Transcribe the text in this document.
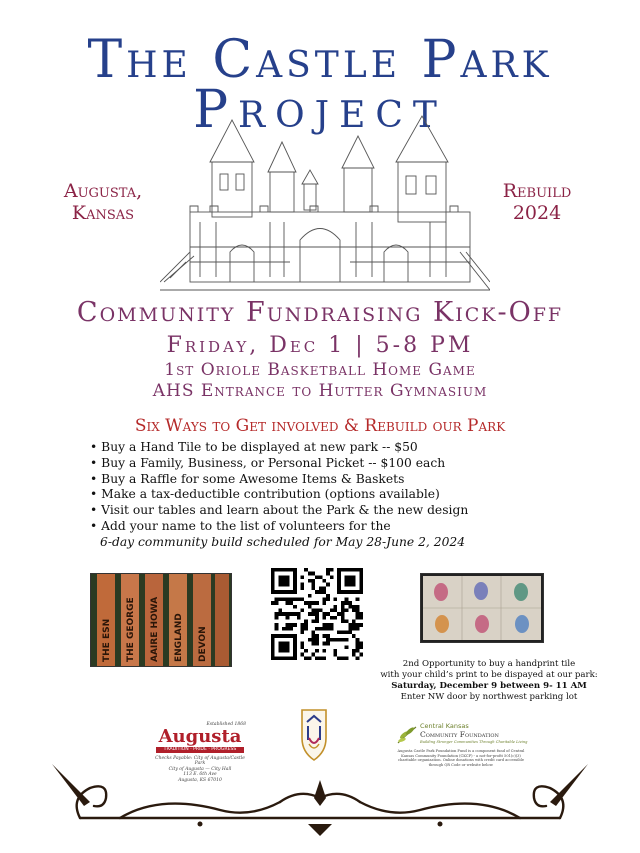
The Castle Park
Project
Augusta,
Kansas
Rebuild
2024
Community Fundraising Kick-Off
Friday, Dec 1 | 5-8 PM
1st Oriole Basketball Home Game
AHS Entrance to Hutter Gymnasium
Six Ways to Get involved & Rebuild our Park
• Buy a Hand Tile to be displayed at new park -- $50
• Buy a Family, Business, or Personal Picket -- $100 each
• Buy a Raffle for some Awesome Items & Baskets
• Make a tax-deductible contribution (options available)
• Visit our tables and learn about the Park & the new design
• Add your name to the list of volunteers for the
6-day community build scheduled for May 28-June 2, 2024
THE ESN THE GEORGE AAIRE HOWA ENGLAND DEVON
2nd Opportunity to buy a handprint tile
with your child’s print to be dispayed at our park:
Saturday, December 9 between 9- 11 AM
Enter NW door by northwest parking lot
Established 1868
Augusta
TRADITION · PRIDE · PROGRESS
Checks Payable: City of Augusta/Castle Park
City of Augusta — City Hall
113 E. 6th Ave
Augusta, KS 67010
Central Kansas
Community Foundation
Building Stronger Communities Through Charitable Living
Augusta Castle Park Foundation Fund is a component fund of Central Kansas Community Foundation (CKCF) - a not-for-profit 501(c)(3) charitable organization. Online donations with credit card accessible through QR Code or website below.
